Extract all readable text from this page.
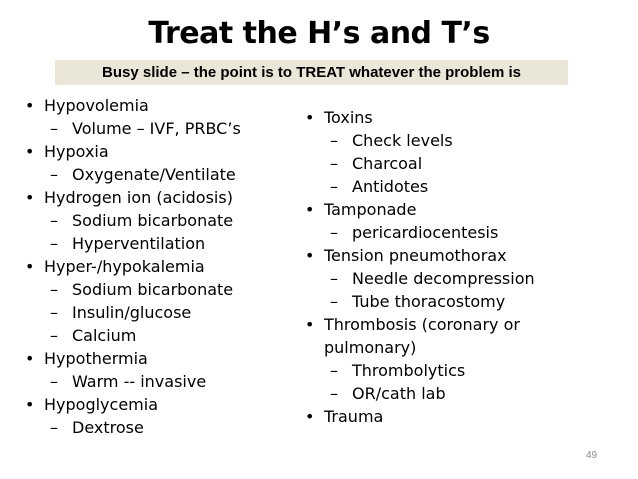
Treat the H’s and T’s
Busy slide – the point is to TREAT whatever the problem is
• Hypovolemia
– Volume – IVF, PRBC’s
• Hypoxia
– Oxygenate/Ventilate
• Hydrogen ion (acidosis)
– Sodium bicarbonate
– Hyperventilation
• Hyper-/hypokalemia
– Sodium bicarbonate
– Insulin/glucose
– Calcium
• Hypothermia
– Warm -- invasive
• Hypoglycemia
– Dextrose
• Toxins
– Check levels
– Charcoal
– Antidotes
• Tamponade
– pericardiocentesis
• Tension pneumothorax
– Needle decompression
– Tube thoracostomy
• Thrombosis (coronary or pulmonary)
– Thrombolytics
– OR/cath lab
• Trauma
49
